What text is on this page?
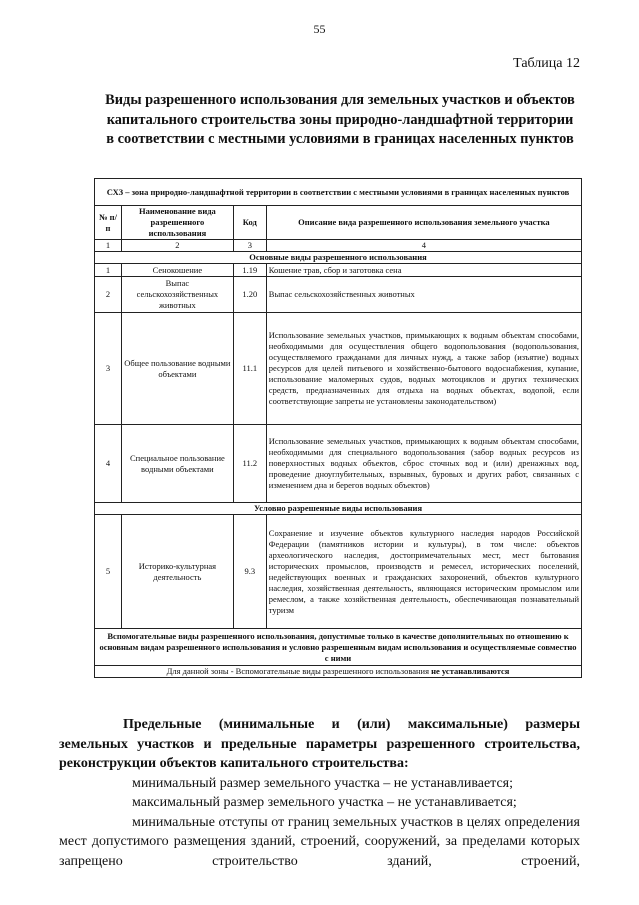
55
Таблица 12
Виды разрешенного использования для земельных участков и объектов капитального строительства зоны природно-ландшафтной территории в соответствии с местными условиями в границах населенных пунктов
СХЗ – зона природно-ландшафтной территории в соответствии с местными условиями в границах населенных пунктов			
№ п/п	Наименование вида разрешенного использования	Код	Описание вида разрешенного использования земельного участка
1	2	3	4
Основные виды разрешенного использования			
1	Сенокошение	1.19	Кошение трав, сбор и заготовка сена
2	Выпас сельскохозяйственных животных	1.20	Выпас сельскохозяйственных животных
3	Общее пользование водными объектами	11.1	Использование земельных участков, примыкающих к водным объектам способами, необходимыми для осуществления общего водопользования (водопользования, осуществляемого гражданами для личных нужд, а также забор (изъятие) водных ресурсов для целей питьевого и хозяйственно-бытового водоснабжения, купание, использование маломерных судов, водных мотоциклов и других технических средств, предназначенных для отдыха на водных объектах, водопой, если соответствующие запреты не установлены законодательством)
4	Специальное пользование водными объектами	11.2	Использование земельных участков, примыкающих к водным объектам способами, необходимыми для специального водопользования (забор водных ресурсов из поверхностных водных объектов, сброс сточных вод и (или) дренажных вод, проведение дноуглубительных, взрывных, буровых и других работ, связанных с изменением дна и берегов водных объектов)
Условно разрешенные виды использования			
5	Историко-культурная деятельность	9.3	Сохранение и изучение объектов культурного наследия народов Российской Федерации (памятников истории и культуры), в том числе: объектов археологического наследия, достопримечательных мест, мест бытования исторических промыслов, производств и ремесел, исторических поселений, недействующих военных и гражданских захоронений, объектов культурного наследия, хозяйственная деятельность, являющаяся историческим промыслом или ремеслом, а также хозяйственная деятельность, обеспечивающая познавательный туризм
Вспомогательные виды разрешенного использования, допустимые только в качестве дополнительных по отношению к основным видам разрешенного использования и условно разрешенным видам использования и осуществляемые совместно с ними			
Для данной зоны - Вспомогательные виды разрешенного использования не устанавливаются			

Предельные (минимальные и (или) максимальные) размеры земельных участков и предельные параметры разрешенного строительства, реконструкции объектов капитального строительства:

минимальный размер земельного участка – не устанавливается;

максимальный размер земельного участка – не устанавливается;

минимальные отступы от границ земельных участков в целях определения мест допустимого размещения зданий, строений, сооружений, за пределами которых запрещено строительство зданий, строений,
